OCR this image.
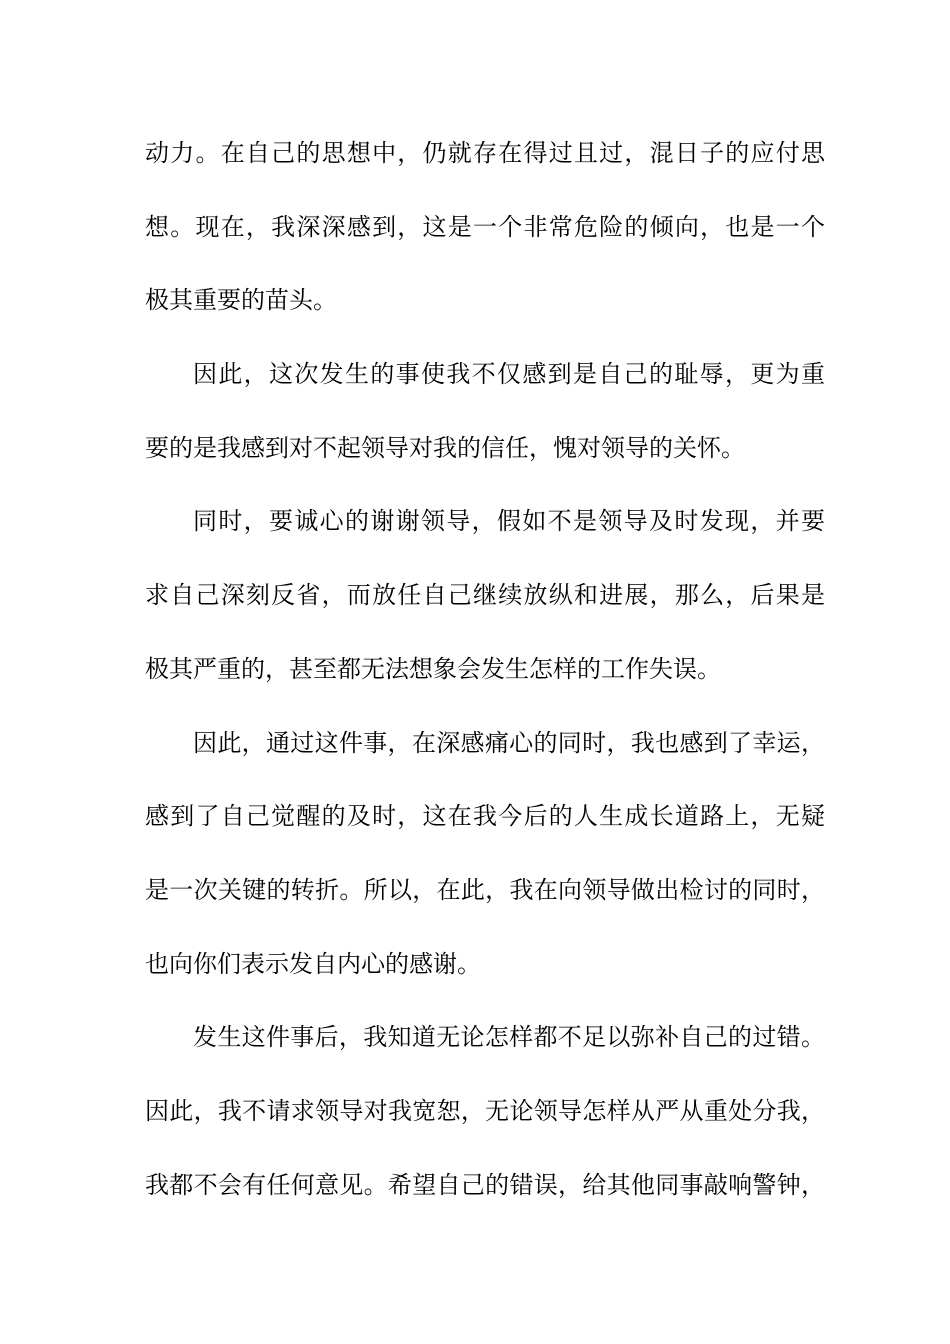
动力。在自己的思想中，仍就存在得过且过，混日子的应付思
想。现在，我深深感到，这是一个非常危险的倾向，也是一个
极其重要的苗头。
因此，这次发生的事使我不仅感到是自己的耻辱，更为重
要的是我感到对不起领导对我的信任，愧对领导的关怀。
同时，要诚心的谢谢领导，假如不是领导及时发现，并要
求自己深刻反省，而放任自己继续放纵和进展，那么，后果是
极其严重的，甚至都无法想象会发生怎样的工作失误。
因此，通过这件事，在深感痛心的同时，我也感到了幸运，
感到了自己觉醒的及时，这在我今后的人生成长道路上，无疑
是一次关键的转折。所以，在此，我在向领导做出检讨的同时，
也向你们表示发自内心的感谢。
发生这件事后，我知道无论怎样都不足以弥补自己的过错。
因此，我不请求领导对我宽恕，无论领导怎样从严从重处分我，
我都不会有任何意见。希望自己的错误，给其他同事敲响警钟，
